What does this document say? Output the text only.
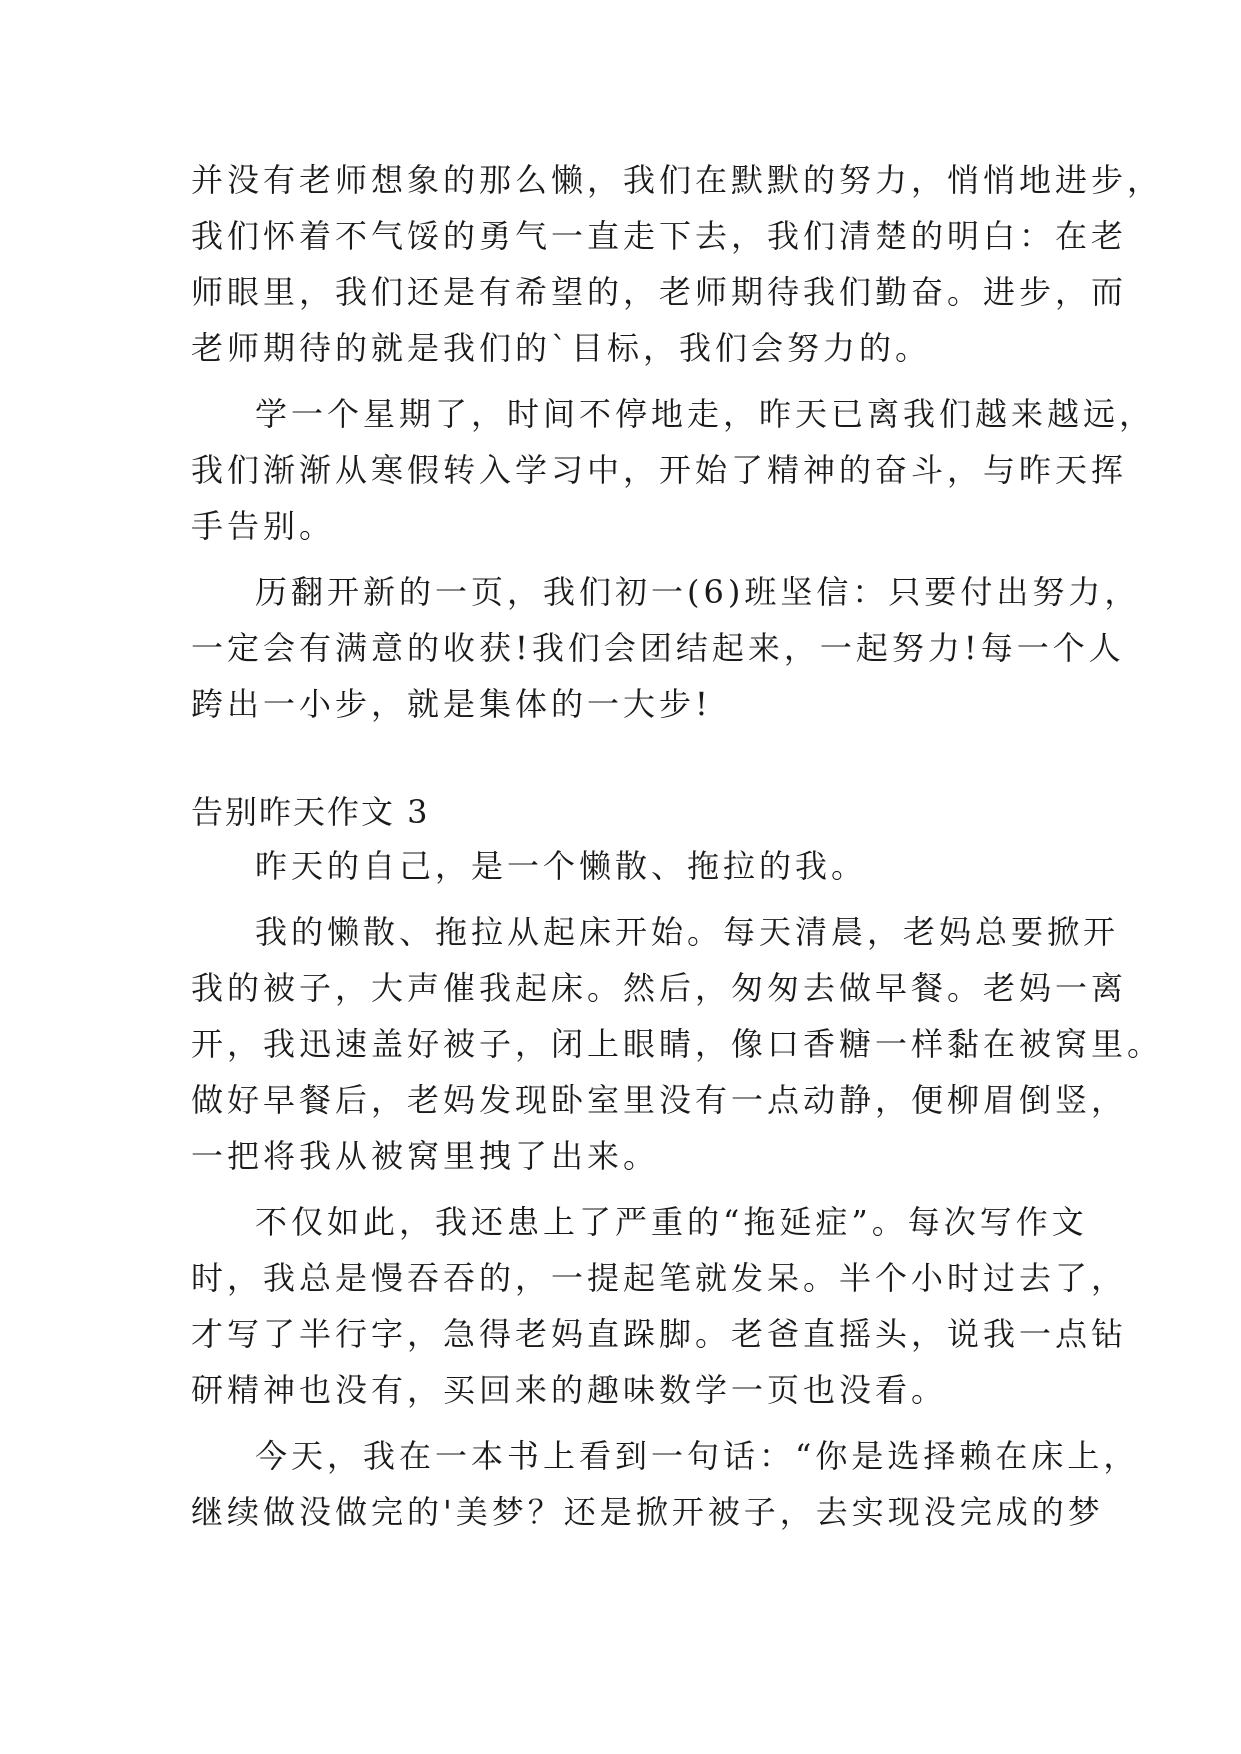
并没有老师想象的那么懒，我们在默默的努力，悄悄地进步，
我们怀着不气馁的勇气一直走下去，我们清楚的明白：在老
师眼里，我们还是有希望的，老师期待我们勤奋。进步，而
老师期待的就是我们的`目标，我们会努力的。
学一个星期了，时间不停地走，昨天已离我们越来越远，
我们渐渐从寒假转入学习中，开始了精神的奋斗，与昨天挥
手告别。
历翻开新的一页，我们初一(6)班坚信：只要付出努力，
一定会有满意的收获!我们会团结起来，一起努力!每一个人
跨出一小步，就是集体的一大步!
告别昨天作文 3
昨天的自己，是一个懒散、拖拉的我。
我的懒散、拖拉从起床开始。每天清晨，老妈总要掀开
我的被子，大声催我起床。然后，匆匆去做早餐。老妈一离
开，我迅速盖好被子，闭上眼睛，像口香糖一样黏在被窝里。
做好早餐后，老妈发现卧室里没有一点动静，便柳眉倒竖，
一把将我从被窝里拽了出来。
不仅如此，我还患上了严重的“拖延症”。每次写作文
时，我总是慢吞吞的，一提起笔就发呆。半个小时过去了，
才写了半行字，急得老妈直跺脚。老爸直摇头，说我一点钻
研精神也没有，买回来的趣味数学一页也没看。
今天，我在一本书上看到一句话：“你是选择赖在床上，
继续做没做完的'美梦？还是掀开被子，去实现没完成的梦
